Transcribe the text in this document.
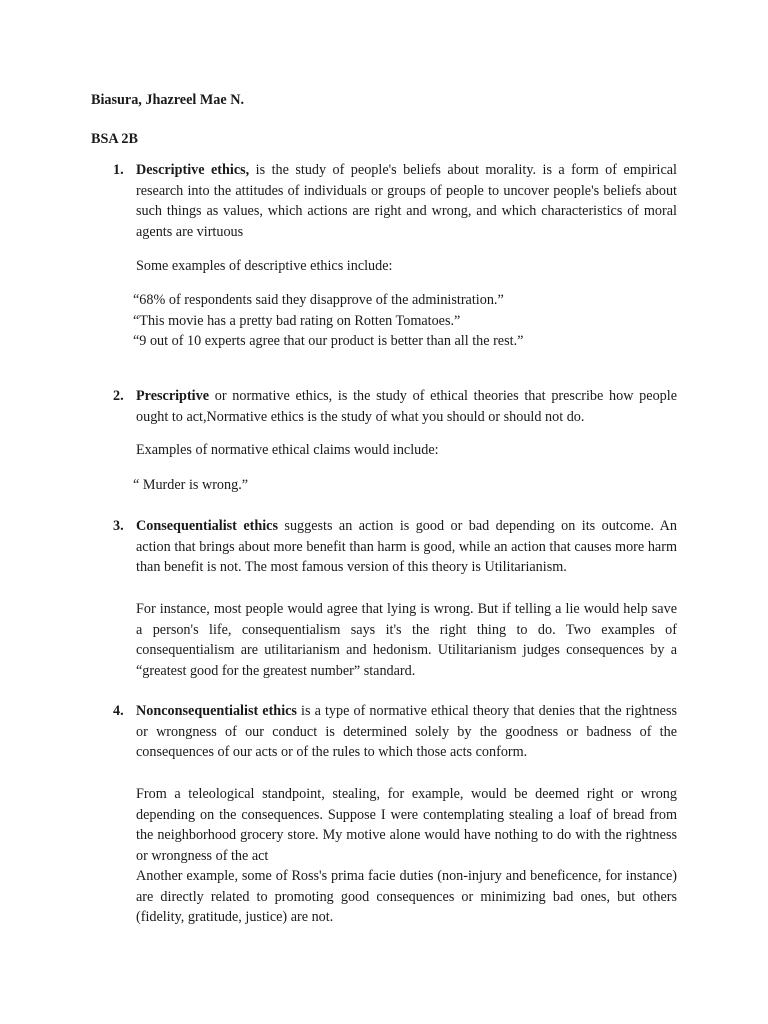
Biasura, Jhazreel Mae N.

BSA 2B

1. Descriptive ethics, is the study of people's beliefs about morality. is a form of empirical research into the attitudes of individuals or groups of people to uncover people's beliefs about such things as values, which actions are right and wrong, and which characteristics of moral agents are virtuous

Some examples of descriptive ethics include:

“68% of respondents said they disapprove of the administration.”
“This movie has a pretty bad rating on Rotten Tomatoes.”
“9 out of 10 experts agree that our product is better than all the rest.”
2. Prescriptive or normative ethics, is the study of ethical theories that prescribe how people ought to act,Normative ethics is the study of what you should or should not do.

Examples of normative ethical claims would include:

“ Murder is wrong.”

3. Consequentialist ethics suggests an action is good or bad depending on its outcome. An action that brings about more benefit than harm is good, while an action that causes more harm than benefit is not. The most famous version of this theory is Utilitarianism.

For instance, most people would agree that lying is wrong. But if telling a lie would help save a person's life, consequentialism says it's the right thing to do. Two examples of consequentialism are utilitarianism and hedonism. Utilitarianism judges consequences by a “greatest good for the greatest number” standard.

4. Nonconsequentialist ethics is a type of normative ethical theory that denies that the rightness or wrongness of our conduct is determined solely by the goodness or badness of the consequences of our acts or of the rules to which those acts conform.

From a teleological standpoint, stealing, for example, would be deemed right or wrong depending on the consequences. Suppose I were contemplating stealing a loaf of bread from the neighborhood grocery store. My motive alone would have nothing to do with the rightness or wrongness of the act

Another example, some of Ross's prima facie duties (non-injury and beneficence, for instance) are directly related to promoting good consequences or minimizing bad ones, but others (fidelity, gratitude, justice) are not.
